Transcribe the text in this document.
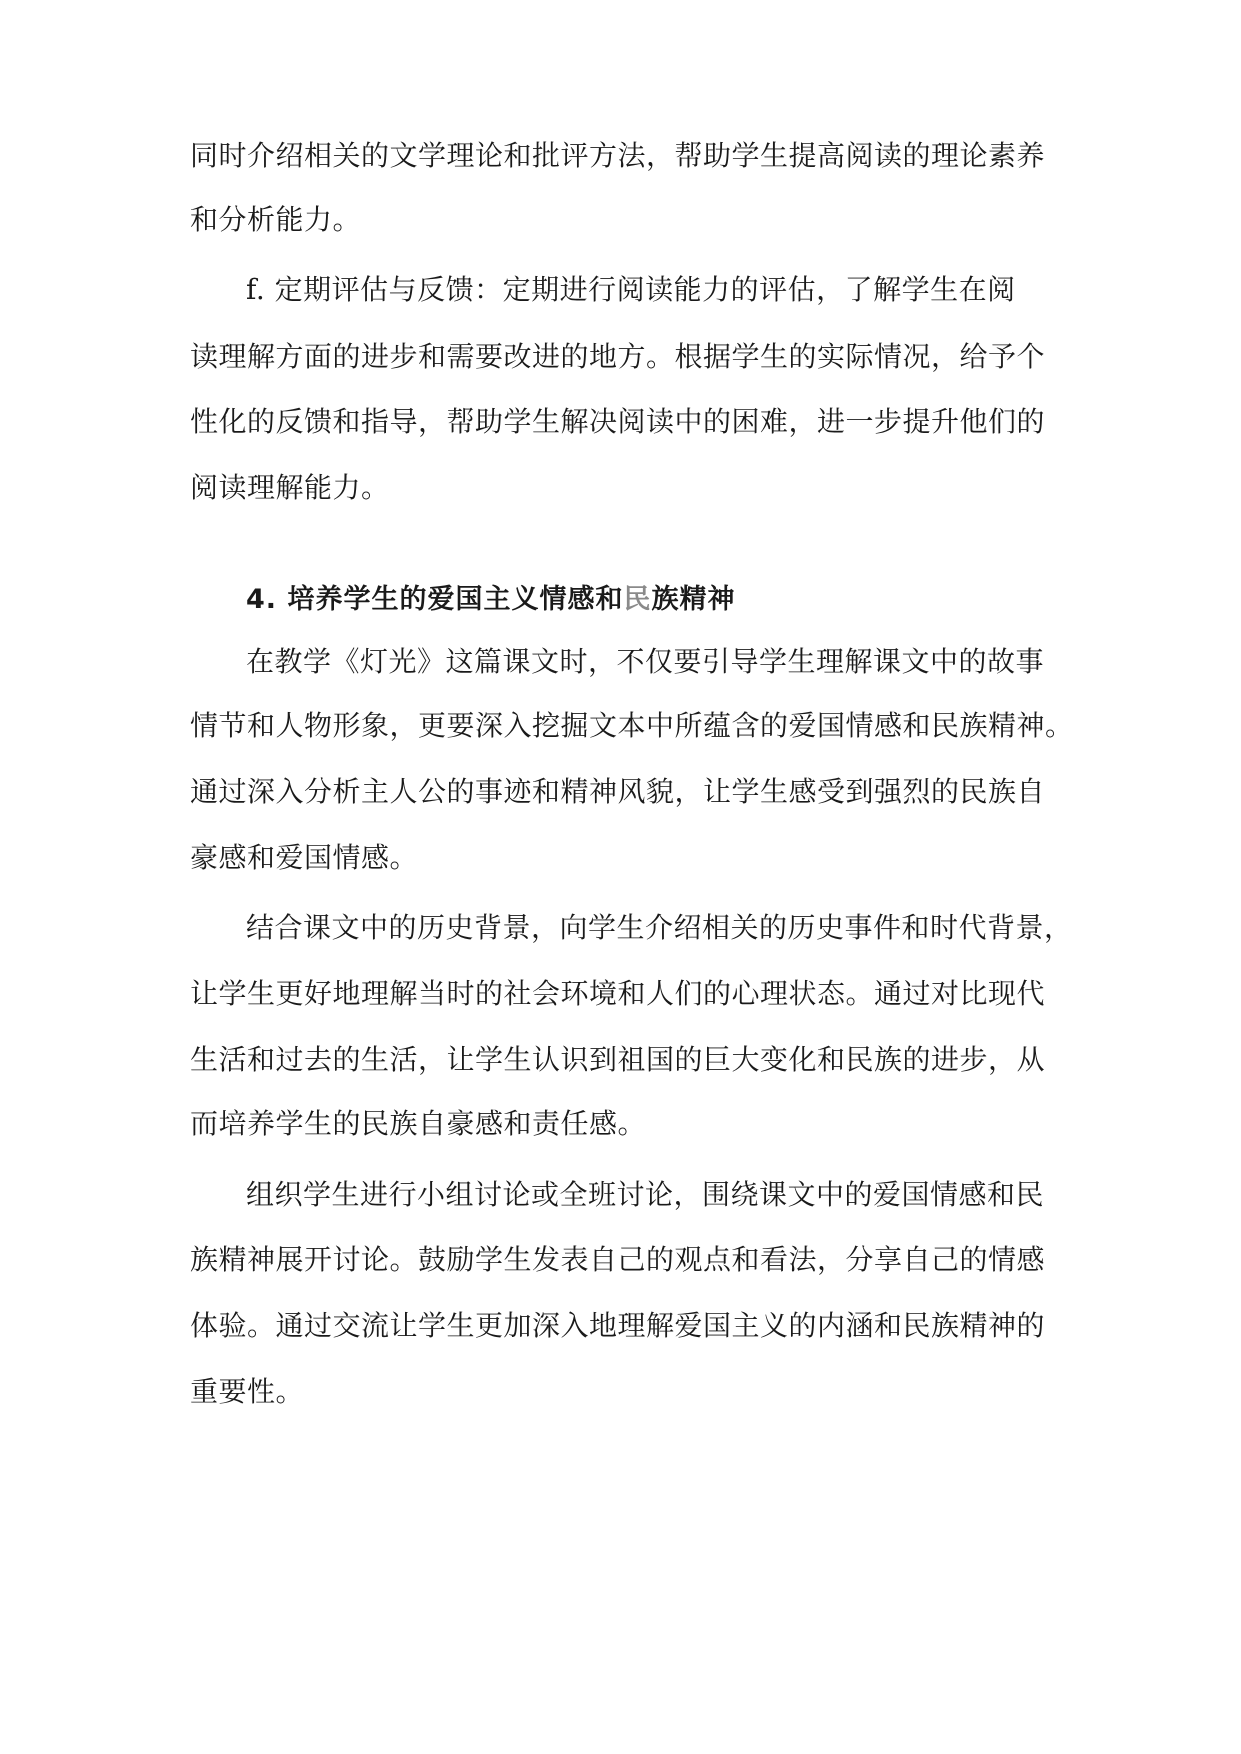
同时介绍相关的文学理论和批评方法，帮助学生提高阅读的理论素养
和分析能力。
f. 定期评估与反馈：定期进行阅读能力的评估，了解学生在阅
读理解方面的进步和需要改进的地方。根据学生的实际情况，给予个
性化的反馈和指导，帮助学生解决阅读中的困难，进一步提升他们的
阅读理解能力。
4. 培养学生的爱国主义情感和民族精神
在教学《灯光》这篇课文时，不仅要引导学生理解课文中的故事
情节和人物形象，更要深入挖掘文本中所蕴含的爱国情感和民族精神。
通过深入分析主人公的事迹和精神风貌，让学生感受到强烈的民族自
豪感和爱国情感。
结合课文中的历史背景，向学生介绍相关的历史事件和时代背景，
让学生更好地理解当时的社会环境和人们的心理状态。通过对比现代
生活和过去的生活，让学生认识到祖国的巨大变化和民族的进步，从
而培养学生的民族自豪感和责任感。
组织学生进行小组讨论或全班讨论，围绕课文中的爱国情感和民
族精神展开讨论。鼓励学生发表自己的观点和看法，分享自己的情感
体验。通过交流让学生更加深入地理解爱国主义的内涵和民族精神的
重要性。
